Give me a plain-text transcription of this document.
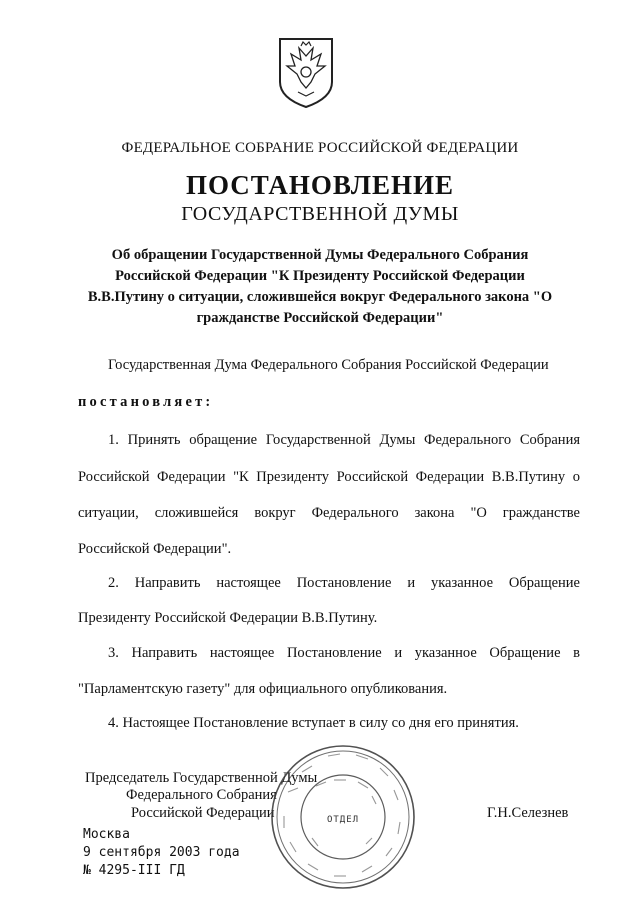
ФЕДЕРАЛЬНОЕ СОБРАНИЕ РОССИЙСКОЙ ФЕДЕРАЦИИ
ПОСТАНОВЛЕНИЕ
ГОСУДАРСТВЕННОЙ ДУМЫ
Об обращении Государственной Думы Федерального Собрания
Российской Федерации "К Президенту Российской Федерации
В.В.Путину о ситуации, сложившейся вокруг Федерального закона "О
гражданстве Российской Федерации"
Государственная Дума Федерального Собрания Российской Федерации
постановляет:
1. Принять обращение Государственной Думы Федерального Собрания
Российской Федерации "К Президенту Российской Федерации В.В.Путину о
ситуации, сложившейся вокруг Федерального закона "О гражданстве
Российской Федерации".
2. Направить настоящее Постановление и указанное Обращение
Президенту Российской Федерации В.В.Путину.
3. Направить настоящее Постановление и указанное Обращение в
"Парламентскую газету" для официального опубликования.
4. Настоящее Постановление вступает в силу со дня его принятия.
Председатель Государственной Думы
Федерального Собрания
Российской Федерации	Г.Н.Селезнев
ОТДЕЛ
Москва
9 сентября 2003 года
№ 4295-III ГД
